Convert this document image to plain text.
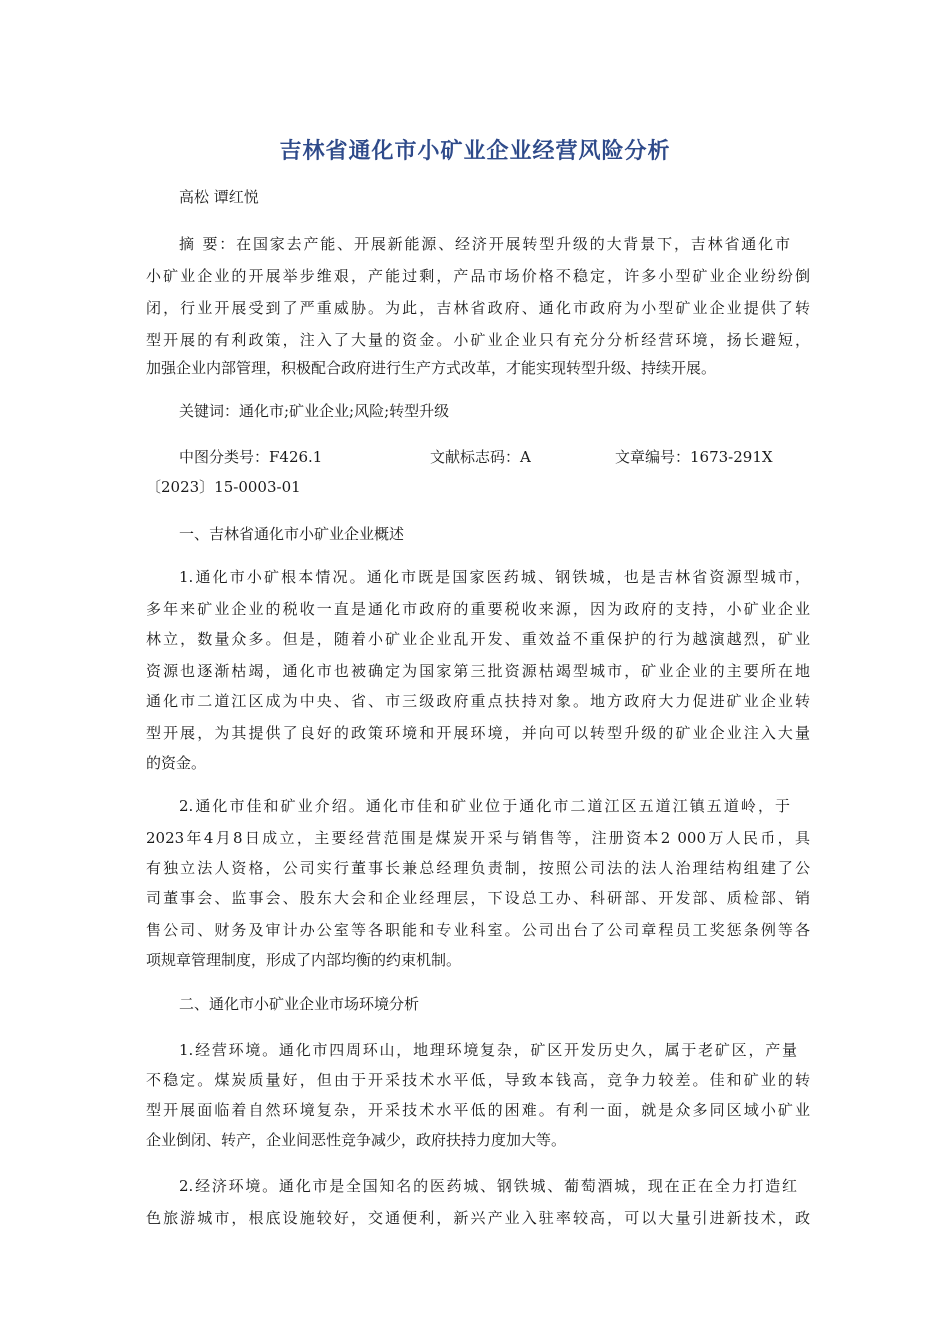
吉林省通化市小矿业企业经营风险分析
高松 谭红悦
摘 要：在国家去产能、开展新能源、经济开展转型升级的大背景下，吉林省通化市
小矿业企业的开展举步维艰，产能过剩，产品市场价格不稳定，许多小型矿业企业纷纷倒
闭，行业开展受到了严重威胁。为此，吉林省政府、通化市政府为小型矿业企业提供了转
型开展的有利政策，注入了大量的资金。小矿业企业只有充分分析经营环境，扬长避短，
加强企业内部管理，积极配合政府进行生产方式改革，才能实现转型升级、持续开展。
关键词：通化市;矿业企业;风险;转型升级
中图分类号：F426.1	文献标志码：A	文章编号：1673-291X
〔2023〕15-0003-01
一、吉林省通化市小矿业企业概述
1.通化市小矿根本情况。通化市既是国家医药城、钢铁城，也是吉林省资源型城市，
多年来矿业企业的税收一直是通化市政府的重要税收来源，因为政府的支持，小矿业企业
林立，数量众多。但是，随着小矿业企业乱开发、重效益不重保护的行为越演越烈，矿业
资源也逐渐枯竭，通化市也被确定为国家第三批资源枯竭型城市，矿业企业的主要所在地
通化市二道江区成为中央、省、市三级政府重点扶持对象。地方政府大力促进矿业企业转
型开展，为其提供了良好的政策环境和开展环境，并向可以转型升级的矿业企业注入大量
的资金。
2.通化市佳和矿业介绍。通化市佳和矿业位于通化市二道江区五道江镇五道岭，于
2023年4月8日成立，主要经营范围是煤炭开采与销售等，注册资本2 000万人民币，具
有独立法人资格，公司实行董事长兼总经理负责制，按照公司法的法人治理结构组建了公
司董事会、监事会、股东大会和企业经理层，下设总工办、科研部、开发部、质检部、销
售公司、财务及审计办公室等各职能和专业科室。公司出台了公司章程员工奖惩条例等各
项规章管理制度，形成了内部均衡的约束机制。
二、通化市小矿业企业市场环境分析
1.经营环境。通化市四周环山，地理环境复杂，矿区开发历史久，属于老矿区，产量
不稳定。煤炭质量好，但由于开采技术水平低，导致本钱高，竞争力较差。佳和矿业的转
型开展面临着自然环境复杂，开采技术水平低的困难。有利一面，就是众多同区域小矿业
企业倒闭、转产，企业间恶性竞争减少，政府扶持力度加大等。
2.经济环境。通化市是全国知名的医药城、钢铁城、葡萄酒城，现在正在全力打造红
色旅游城市，根底设施较好，交通便利，新兴产业入驻率较高，可以大量引进新技术，政
